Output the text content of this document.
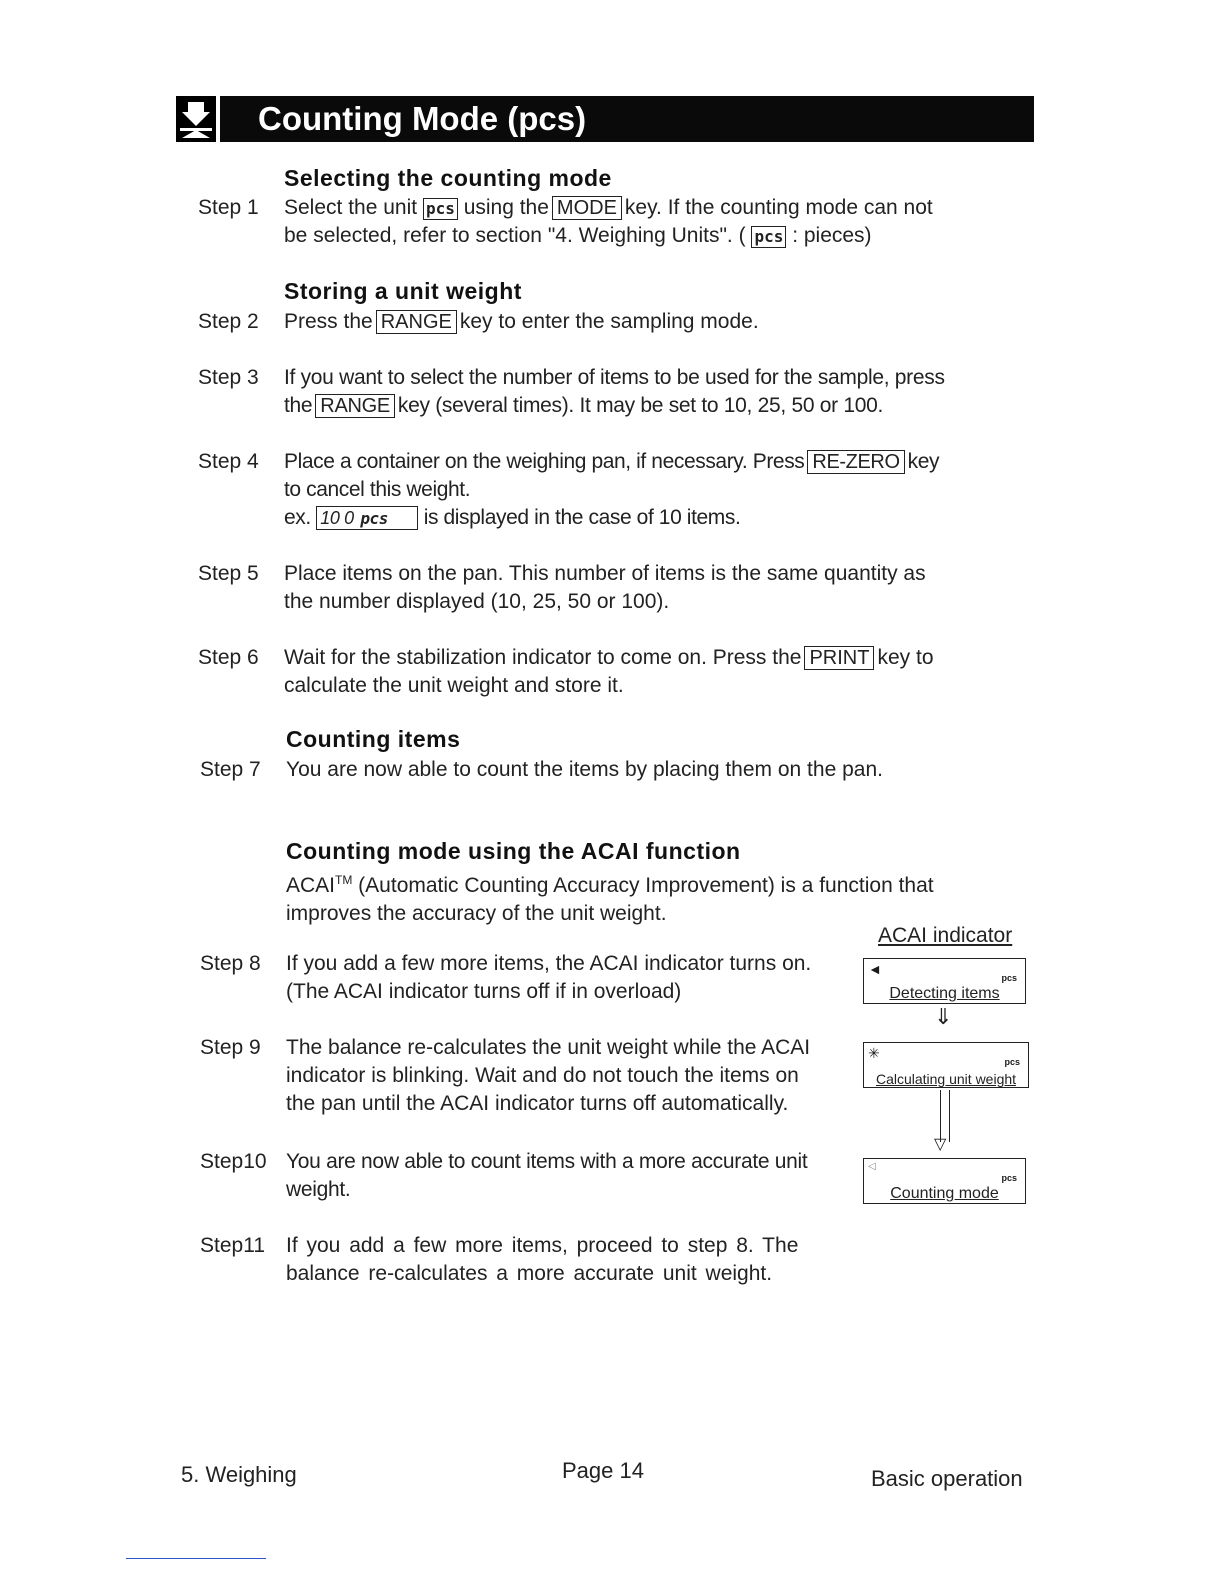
Counting Mode (pcs)
Selecting the counting mode
Step 1	Select the unit pcs using the MODE key. If the counting mode can not
be selected, refer to section "4. Weighing Units". ( pcs : pieces)
Storing a unit weight
Step 2	Press the RANGE key to enter the sampling mode.
Step 3	If you want to select the number of items to be used for the sample, press
the RANGE key (several times). It may be set to 10, 25, 50 or 100.
Step 4	Place a container on the weighing pan, if necessary. Press RE-ZERO key
to cancel this weight.
ex. 10 0 pcs is displayed in the case of 10 items.
Step 5	Place items on the pan. This number of items is the same quantity as
the number displayed (10, 25, 50 or 100).
Step 6	Wait for the stabilization indicator to come on. Press the PRINT key to
calculate the unit weight and store it.
Counting items
Step 7	You are now able to count the items by placing them on the pan.
Counting mode using the ACAI function
ACAI™ (Automatic Counting Accuracy Improvement) is a function that
improves the accuracy of the unit weight.
Step 8	If you add a few more items, the ACAI indicator turns on.
(The ACAI indicator turns off if in overload)
Step 9	The balance re-calculates the unit weight while the ACAI
indicator is blinking. Wait and do not touch the items on
the pan until the ACAI indicator turns off automatically.
Step10 You are now able to count items with a more accurate unit
weight.
Step11	If you add a few more items, proceed to step 8. The
balance re-calculates a more accurate unit weight.
ACAI indicator
◄
pcs
Detecting items
⇓
✳
pcs
Calculating unit weight
▽
◁
pcs
Counting mode
5. Weighing	Page 14	Basic operation
